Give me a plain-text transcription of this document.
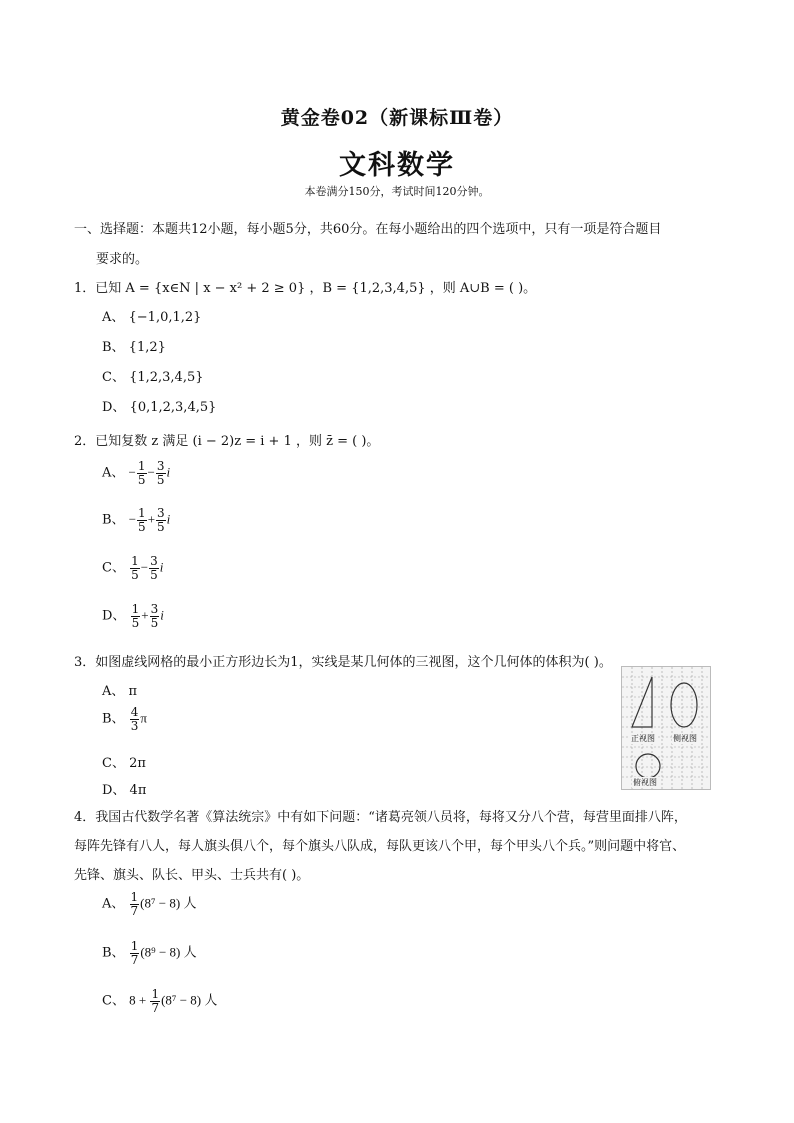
黄金卷02（新课标Ⅲ卷）
文科数学
本卷满分150分，考试时间120分钟。
一、选择题：本题共12小题，每小题5分，共60分。在每小题给出的四个选项中，只有一项是符合题目
要求的。
1．已知 A = {x∈N | x − x² + 2 ≥ 0} ，B = {1,2,3,4,5} ，则 A∪B = ( )。
A、 {−1,0,1,2}
B、 {1,2}
C、 {1,2,3,4,5}
D、 {0,1,2,3,4,5}
2．已知复数 z 满足 (i − 2)z = i + 1 ，则 z̄ = ( )。
A、 − $\frac{1}{5} - \frac{3}{5}$ i
B、 − $\frac{1}{5} + \frac{3}{5}$ i
C、 $\frac{1}{5} - \frac{3}{5}$ i
D、 $\frac{1}{5} + \frac{3}{5}$ i
3．如图虚线网格的最小正方形边长为1，实线是某几何体的三视图，这个几何体的体积为( )。
A、 π
B、 $\frac{4}{3}$ π
C、 2π
D、 4π
正视图 侧视图
俯视图
4．我国古代数学名著《算法统宗》中有如下问题：“诸葛亮领八员将，每将又分八个营，每营里面排八阵，
每阵先锋有八人，每人旗头俱八个，每个旗头八队成，每队更该八个甲，每个甲头八个兵。”则问题中将官、
先锋、旗头、队长、甲头、士兵共有( )。
A、 $\frac{1}{7} (8^7 - 8)$ 人
B、 $\frac{1}{7} (8^9 - 8)$ 人
C、 $8 + \frac{1}{7} (8^7 - 8)$ 人
